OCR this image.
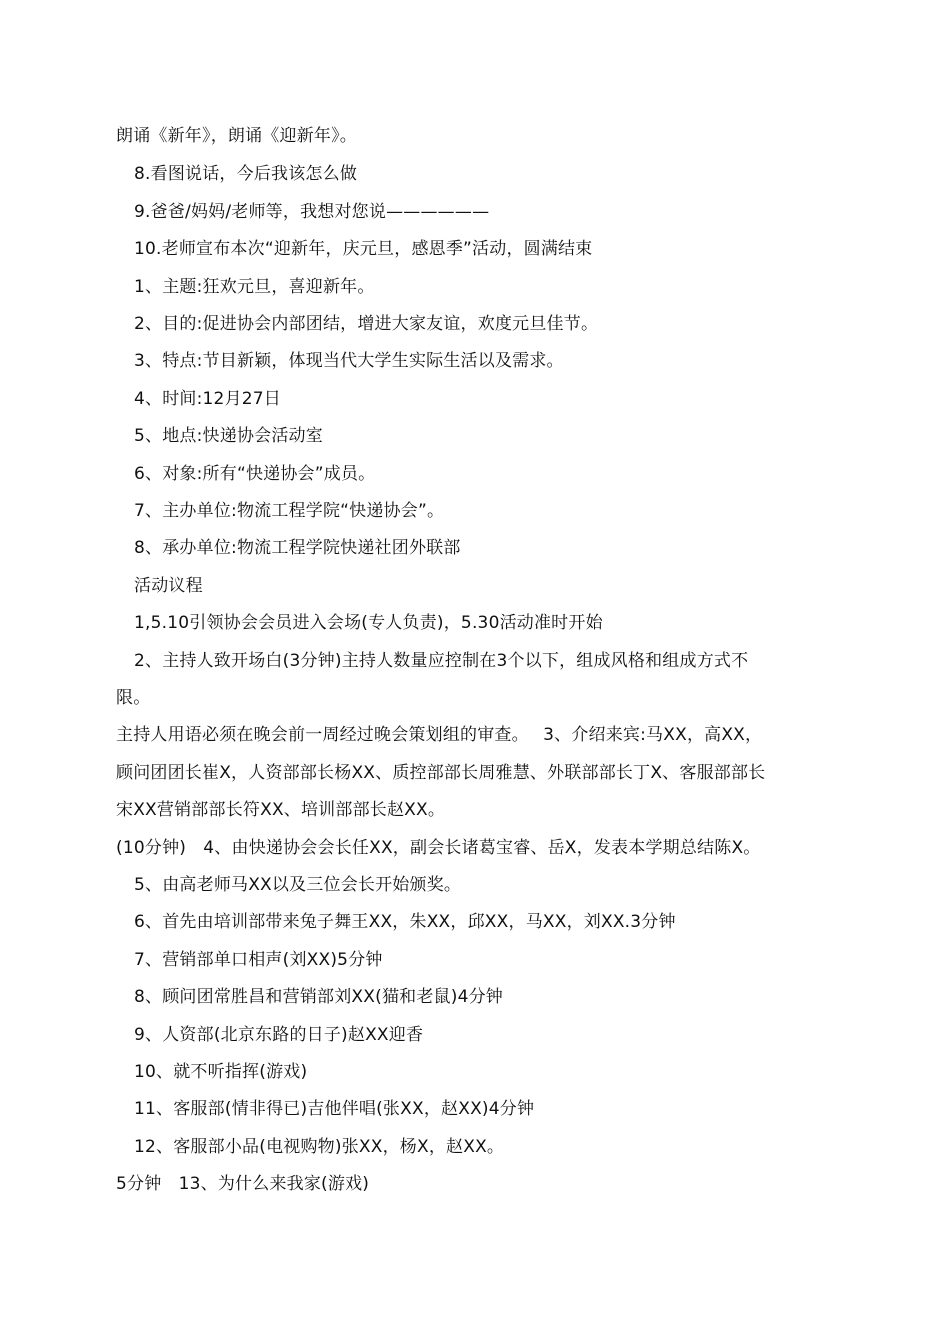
朗诵《新年》，朗诵《迎新年》。
8.看图说话，今后我该怎么做
9.爸爸/妈妈/老师等，我想对您说——————
10.老师宣布本次“迎新年，庆元旦，感恩季”活动，圆满结束
1、主题:狂欢元旦，喜迎新年。
2、目的:促进协会内部团结，增进大家友谊，欢度元旦佳节。
3、特点:节目新颖，体现当代大学生实际生活以及需求。
4、时间:12月27日
5、地点:快递协会活动室
6、对象:所有“快递协会”成员。
7、主办单位:物流工程学院“快递协会”。
8、承办单位:物流工程学院快递社团外联部
活动议程
1,5.10引领协会会员进入会场(专人负责)，5.30活动准时开始
2、主持人致开场白(3分钟)主持人数量应控制在3个以下，组成风格和组成方式不
限。
主持人用语必须在晚会前一周经过晚会策划组的审查。　 3、介绍来宾:马XX，高XX，
顾问团团长崔X，人资部部长杨XX、质控部部长周雅慧、外联部部长丁X、客服部部长
宋XX营销部部长符XX、培训部部长赵XX。
(10分钟)　4、由快递协会会长任XX，副会长诸葛宝睿、岳X，发表本学期总结陈X。
5、由高老师马XX以及三位会长开始颁奖。
6、首先由培训部带来兔子舞王XX，朱XX，邱XX，马XX，刘XX.3分钟
7、营销部单口相声(刘XX)5分钟
8、顾问团常胜昌和营销部刘XX(猫和老鼠)4分钟
9、人资部(北京东路的日子)赵XX迎香
10、就不听指挥(游戏)
11、客服部(情非得已)吉他伴唱(张XX，赵XX)4分钟
12、客服部小品(电视购物)张XX，杨X，赵XX。
5分钟　13、为什么来我家(游戏)
